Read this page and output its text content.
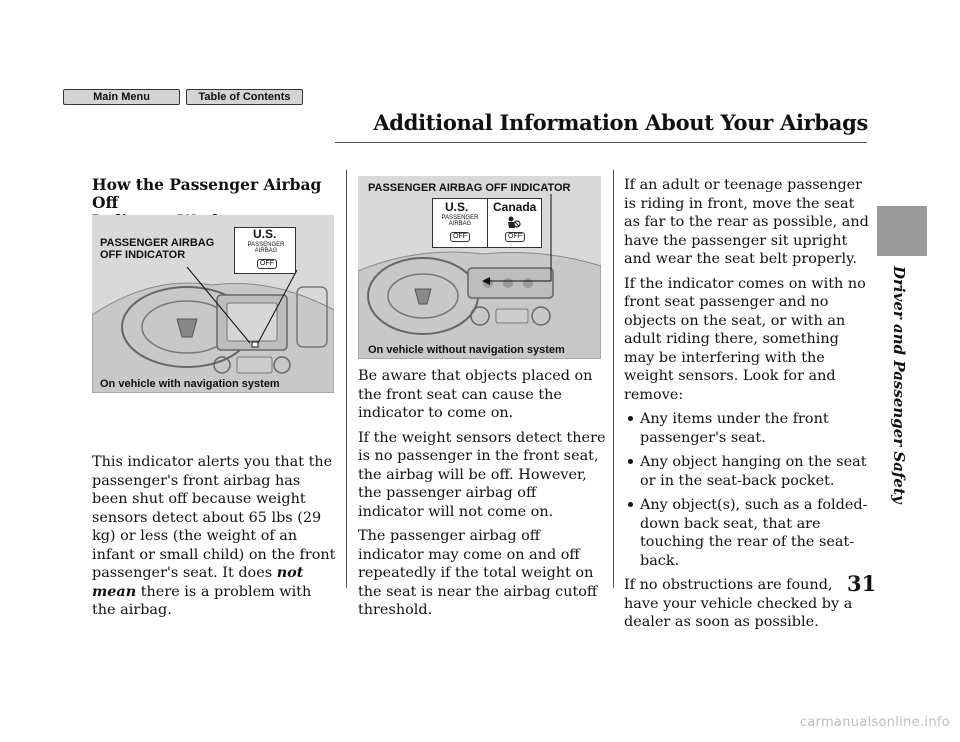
Main Menu	Table of Contents
Additional Information About Your Airbags
Driver and Passenger Safety
31
How the Passenger Airbag Off

This indicator alerts you that the passenger's front airbag has been shut off because weight sensors detect about 65 lbs (29 kg) or less (the weight of an infant or small child) on the front passenger's seat. It does not mean there is a problem with the airbag.

PASSENGER AIRBAG
OFF INDICATOR
U.S.
PASSENGER
AIRBAG
OFF
On vehicle with navigation system
PASSENGER AIRBAG OFF INDICATOR
U.S. Canada
PASSENGER
AIRBAG
OFF	OFF
On vehicle without navigation system

Be aware that objects placed on the front seat can cause the indicator to come on.

If the weight sensors detect there is no passenger in the front seat, the airbag will be off. However, the passenger airbag off indicator will not come on.

The passenger airbag off indicator may come on and off repeatedly if the total weight on the seat is near the airbag cutoff threshold.

If an adult or teenage passenger is riding in front, move the seat as far to the rear as possible, and have the passenger sit upright and wear the seat belt properly.

If the indicator comes on with no front seat passenger and no objects on the seat, or with an adult riding there, something may be interfering with the weight sensors. Look for and remove:

Any items under the front passenger's seat.
Any object hanging on the seat or in the seat-back pocket.
Any object(s), such as a folded-down back seat, that are touching the rear of the seat-back.

If no obstructions are found, have your vehicle checked by a dealer as soon as possible.

carmanualsonline.info
